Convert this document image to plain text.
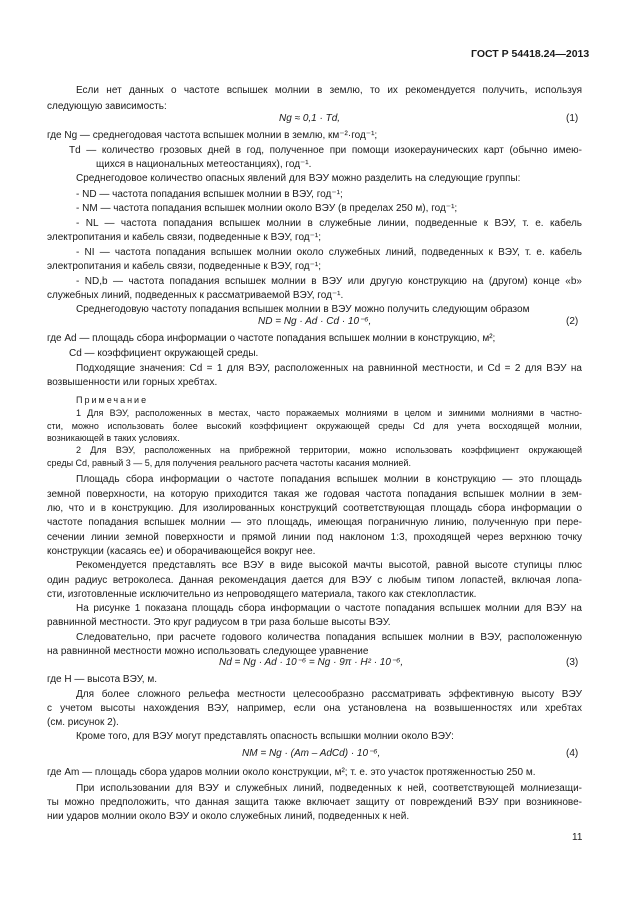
ГОСТ Р 54418.24—2013
Если нет данных о частоте вспышек молнии в землю, то их рекомендуется получить, используя
следующую зависимость:
Ng ≈ 0,1 · Td,	(1)
где Ng — среднегодовая частота вспышек молнии в землю, км⁻²·год⁻¹;
Td — количество грозовых дней в год, полученное при помощи изокераунических карт (обычно имею-
щихся в национальных метеостанциях), год⁻¹.
Среднегодовое количество опасных явлений для ВЭУ можно разделить на следующие группы:
- ND — частота попадания вспышек молнии в ВЭУ, год⁻¹;
- NM — частота попадания вспышек молнии около ВЭУ (в пределах 250 м), год⁻¹;
- NL — частота попадания вспышек молнии в служебные линии, подведенные к ВЭУ, т. е. кабель
электропитания и кабель связи, подведенные к ВЭУ, год⁻¹;
- NI — частота попадания вспышек молнии около служебных линий, подведенных к ВЭУ, т. е. кабель
электропитания и кабель связи, подведенные к ВЭУ, год⁻¹;
- ND,b — частота попадания вспышек молнии в ВЭУ или другую конструкцию на (другом) конце «b»
служебных линий, подведенных к рассматриваемой ВЭУ, год⁻¹.
Среднегодовую частоту попадания вспышек молнии в ВЭУ можно получить следующим образом
ND = Ng · Ad · Cd · 10⁻⁶,	(2)
где Ad — площадь сбора информации о частоте попадания вспышек молнии в конструкцию, м²;
Cd — коэффициент окружающей среды.
Подходящие значения: Cd = 1 для ВЭУ, расположенных на равнинной местности, и Cd = 2 для ВЭУ на
возвышенности или горных хребтах.
Примечание
1 Для ВЭУ, расположенных в местах, часто поражаемых молниями в целом и зимними молниями в частно-
сти, можно использовать более высокий коэффициент окружающей среды Cd для учета восходящей молнии,
возникающей в таких условиях.
2 Для ВЭУ, расположенных на прибрежной территории, можно использовать коэффициент окружающей
среды Cd, равный 3 — 5, для получения реального расчета частоты касания молнией.
Площадь сбора информации о частоте попадания вспышек молнии в конструкцию — это площадь
земной поверхности, на которую приходится такая же годовая частота попадания вспышек молнии в зем-
лю, что и в конструкцию. Для изолированных конструкций соответствующая площадь сбора информации о
частоте попадания вспышек молнии — это площадь, имеющая пограничную линию, полученную при пере-
сечении линии земной поверхности и прямой линии под наклоном 1:3, проходящей через верхнюю точку
конструкции (касаясь ее) и оборачивающейся вокруг нее.
Рекомендуется представлять все ВЭУ в виде высокой мачты высотой, равной высоте ступицы плюс
один радиус ветроколеса. Данная рекомендация дается для ВЭУ с любым типом лопастей, включая лопа-
сти, изготовленные исключительно из непроводящего материала, такого как стеклопластик.
На рисунке 1 показана площадь сбора информации о частоте попадания вспышек молнии для ВЭУ на
равнинной местности. Это круг радиусом в три раза больше высоты ВЭУ.
Следовательно, при расчете годового количества попадания вспышек молнии в ВЭУ, расположенную
на равнинной местности можно использовать следующее уравнение
Nd = Ng · Ad · 10⁻⁶ = Ng · 9π · H² · 10⁻⁶,	(3)
где H — высота ВЭУ, м.
Для более сложного рельефа местности целесообразно рассматривать эффективную высоту ВЭУ
с учетом высоты нахождения ВЭУ, например, если она установлена на возвышенностях или хребтах
(см. рисунок 2).
Кроме того, для ВЭУ могут представлять опасность вспышки молнии около ВЭУ:
NM = Ng · (Am – AdCd) · 10⁻⁶,	(4)
где Am — площадь сбора ударов молнии около конструкции, м²; т. е. это участок протяженностью 250 м.
При использовании для ВЭУ и служебных линий, подведенных к ней, соответствующей молниезащи-
ты можно предположить, что данная защита также включает защиту от повреждений ВЭУ при возникнове-
нии ударов молнии около ВЭУ и около служебных линий, подведенных к ней.
11
